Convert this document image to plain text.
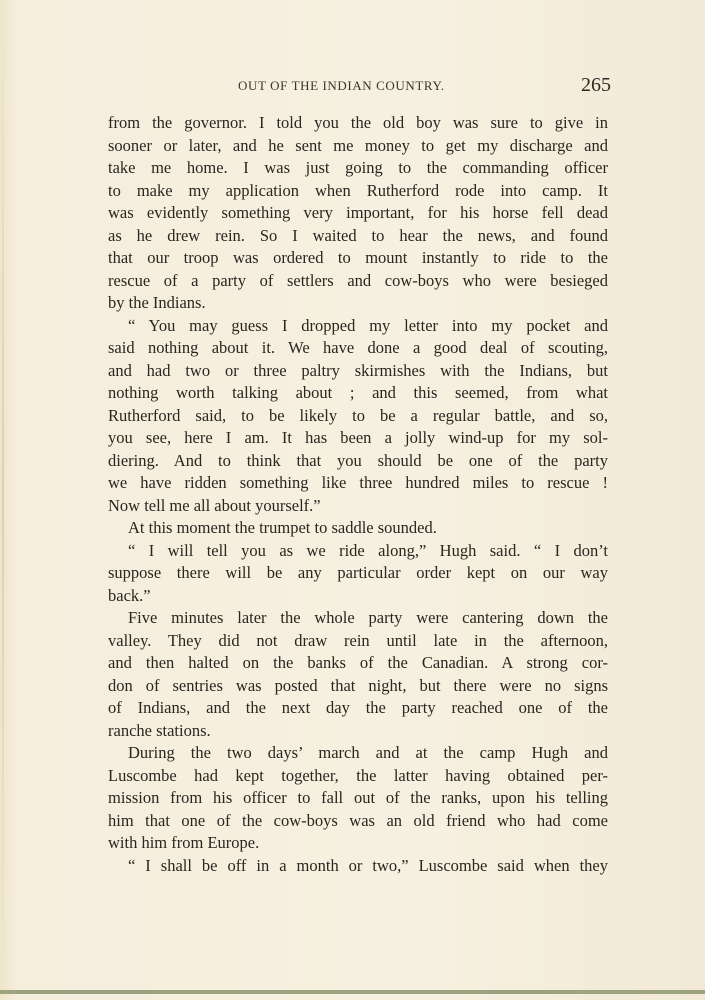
OUT OF THE INDIAN COUNTRY.	265
from the governor. I told you the old boy was sure to give in
sooner or later, and he sent me money to get my discharge and
take me home. I was just going to the commanding officer
to make my application when Rutherford rode into camp. It
was evidently something very important, for his horse fell dead
as he drew rein. So I waited to hear the news, and found
that our troop was ordered to mount instantly to ride to the
rescue of a party of settlers and cow-boys who were besieged
by the Indians.
“ You may guess I dropped my letter into my pocket and
said nothing about it. We have done a good deal of scouting,
and had two or three paltry skirmishes with the Indians, but
nothing worth talking about ; and this seemed, from what
Rutherford said, to be likely to be a regular battle, and so,
you see, here I am. It has been a jolly wind-up for my sol-
diering. And to think that you should be one of the party
we have ridden something like three hundred miles to rescue !
Now tell me all about yourself.”
At this moment the trumpet to saddle sounded.
“ I will tell you as we ride along,” Hugh said. “ I don’t
suppose there will be any particular order kept on our way
back.”
Five minutes later the whole party were cantering down the
valley. They did not draw rein until late in the afternoon,
and then halted on the banks of the Canadian. A strong cor-
don of sentries was posted that night, but there were no signs
of Indians, and the next day the party reached one of the
ranche stations.
During the two days’ march and at the camp Hugh and
Luscombe had kept together, the latter having obtained per-
mission from his officer to fall out of the ranks, upon his telling
him that one of the cow-boys was an old friend who had come
with him from Europe.
“ I shall be off in a month or two,” Luscombe said when they
